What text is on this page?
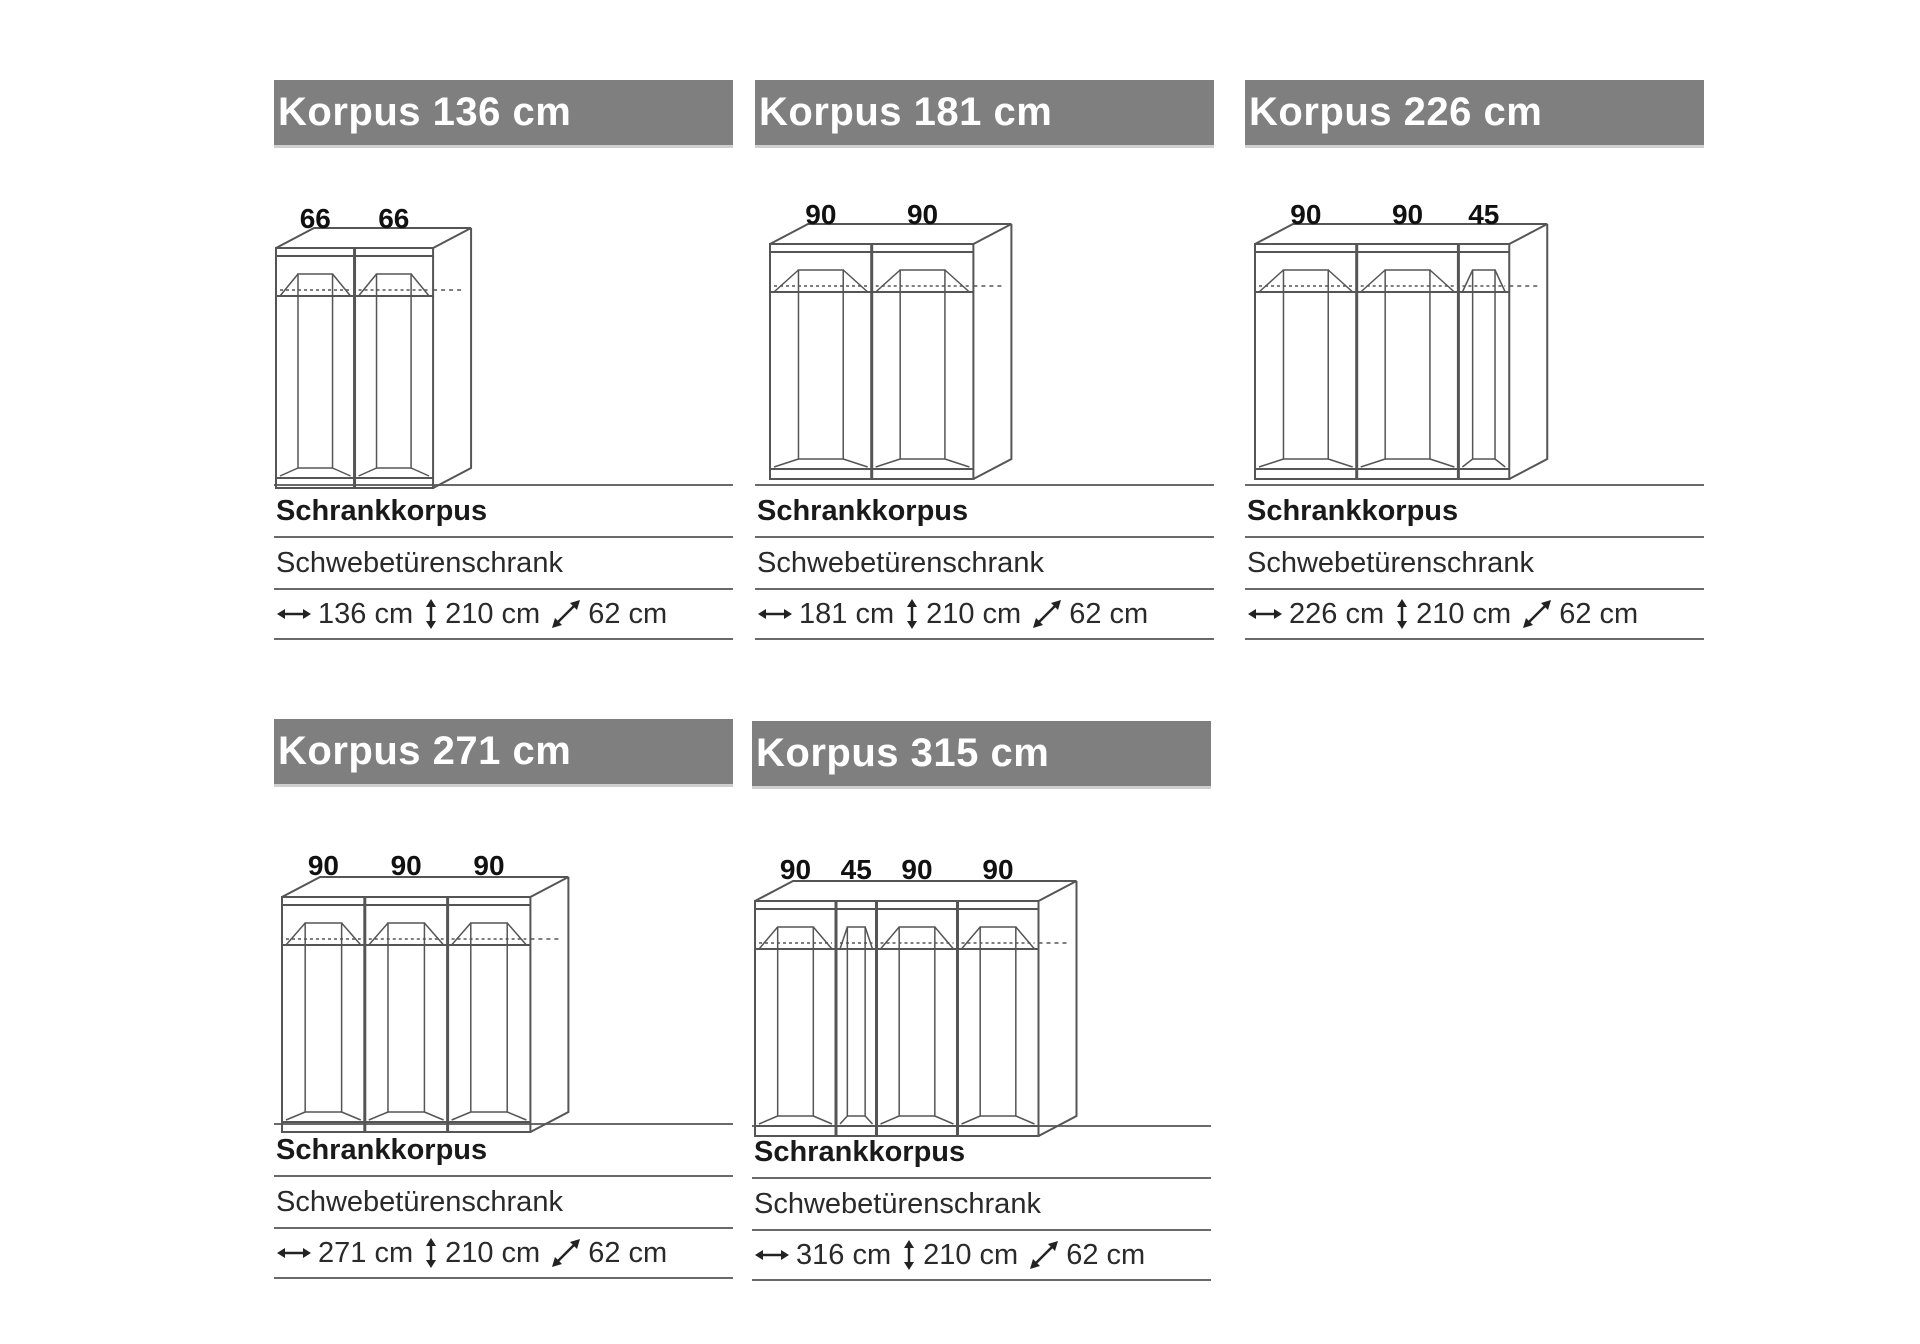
Korpus 136 cm
66 66
Schrankkorpus
Schwebetürenschrank
136 cm 210 cm 62 cm
Korpus 181 cm
90	90
Schrankkorpus
Schwebetürenschrank
181 cm 210 cm 62 cm
Korpus 226 cm
90	90 45
Schrankkorpus
Schwebetürenschrank
226 cm 210 cm 62 cm
Korpus 271 cm
90 90 90
Schrankkorpus
Schwebetürenschrank
271 cm 210 cm 62 cm
Korpus 315 cm
90 45 90 90
Schrankkorpus
Schwebetürenschrank
316 cm 210 cm 62 cm
